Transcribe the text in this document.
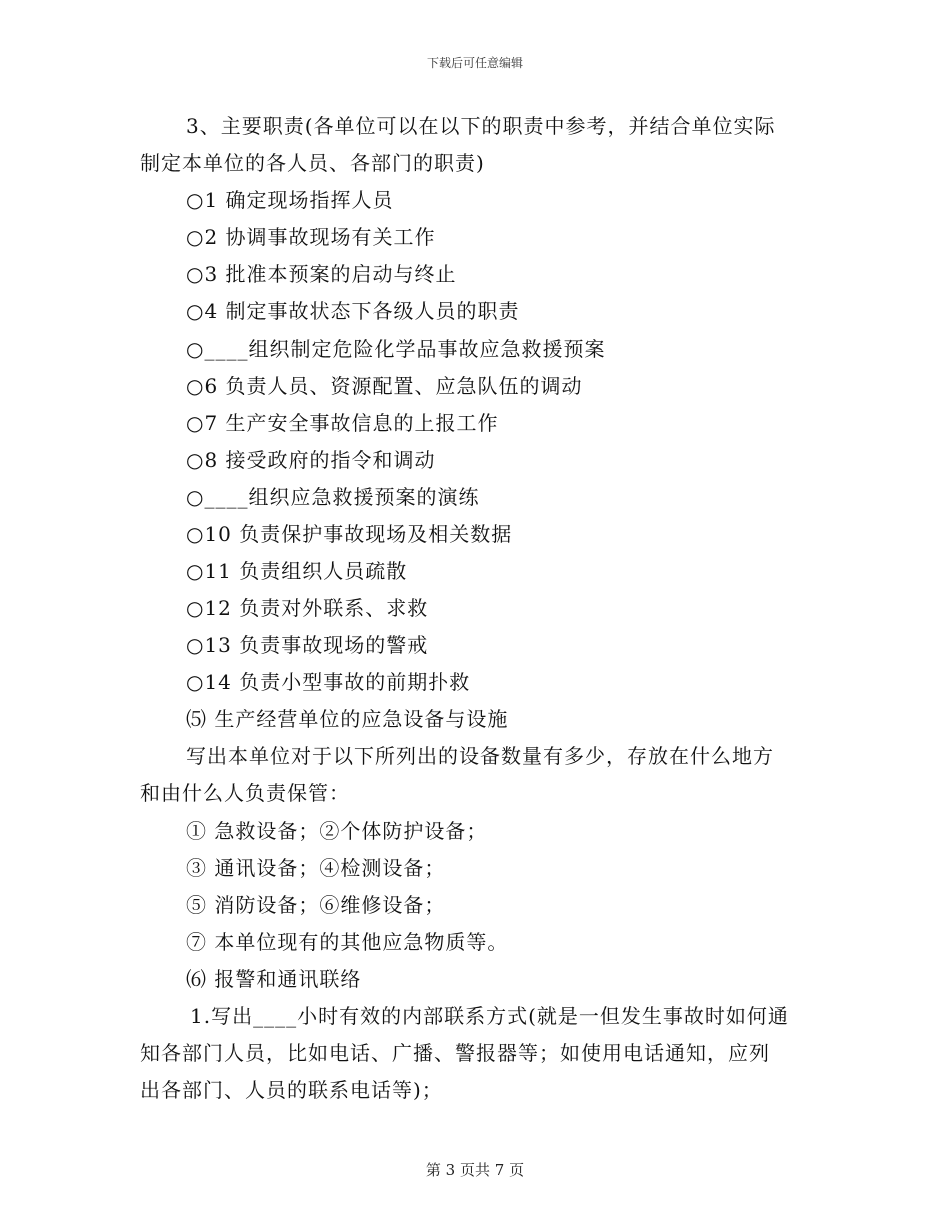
下载后可任意编辑
3、主要职责(各单位可以在以下的职责中参考，并结合单位实际
制定本单位的各人员、各部门的职责)
○1 确定现场指挥人员
○2 协调事故现场有关工作
○3 批准本预案的启动与终止
○4 制定事故状态下各级人员的职责
○____组织制定危险化学品事故应急救援预案
○6 负责人员、资源配置、应急队伍的调动
○7 生产安全事故信息的上报工作
○8 接受政府的指令和调动
○____组织应急救援预案的演练
○10 负责保护事故现场及相关数据
○11 负责组织人员疏散
○12 负责对外联系、求救
○13 负责事故现场的警戒
○14 负责小型事故的前期扑救
⑸ 生产经营单位的应急设备与设施
写出本单位对于以下所列出的设备数量有多少，存放在什么地方
和由什么人负责保管：
① 急救设备；②个体防护设备；
③ 通讯设备；④检测设备；
⑤ 消防设备；⑥维修设备；
⑦ 本单位现有的其他应急物质等。
⑹ 报警和通讯联络
1.写出____小时有效的内部联系方式(就是一但发生事故时如何通
知各部门人员，比如电话、广播、警报器等；如使用电话通知，应列
出各部门、人员的联系电话等)；
第 3 页共 7 页
